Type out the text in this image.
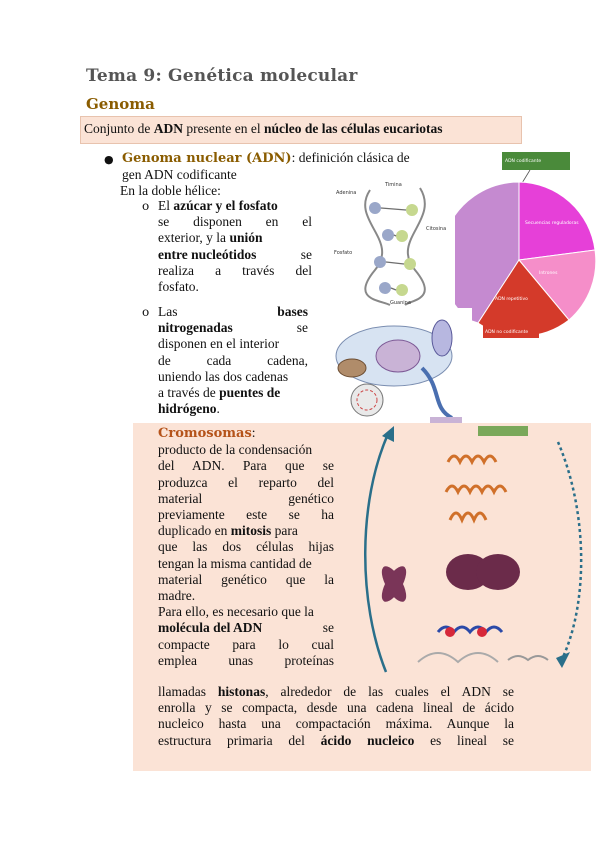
Tema 9: Genética molecular
Genoma
Conjunto de ADN presente en el núcleo de las células eucariotas
● Genoma nuclear (ADN): definición clásica de
gen ADN codificante
En la doble hélice:
o El azúcar y el fosfato
se disponen en el
exterior, y la unión
entre nucleótidos	se
realiza a través del
fosfato.
o Las	bases
nitrogenadas	se
disponen en el interior
de	cada	cadena,
uniendo las dos cadenas
a través de puentes de
hidrógeno.
Timina
Adenina
Citosina
Guanina
Fosfato
ADN codificante
Secuencias reguladoras
Intrones
ADN repetitivo
ADN no codificante
Cromosomas:
producto de la condensación
del ADN. Para que se
produzca el reparto del
material genético
previamente este se ha
duplicado en mitosis para
que las dos células hijas
tengan la misma cantidad de
material genético que la
madre.
Para ello, es necesario que la
molécula del ADN	se
compacte para lo cual
emplea unas proteínas
llamadas histonas, alrededor de las cuales el ADN se
enrolla y se compacta, desde una cadena lineal de ácido
nucleico hasta una compactación máxima. Aunque la
estructura primaria del ácido nucleico es lineal se
